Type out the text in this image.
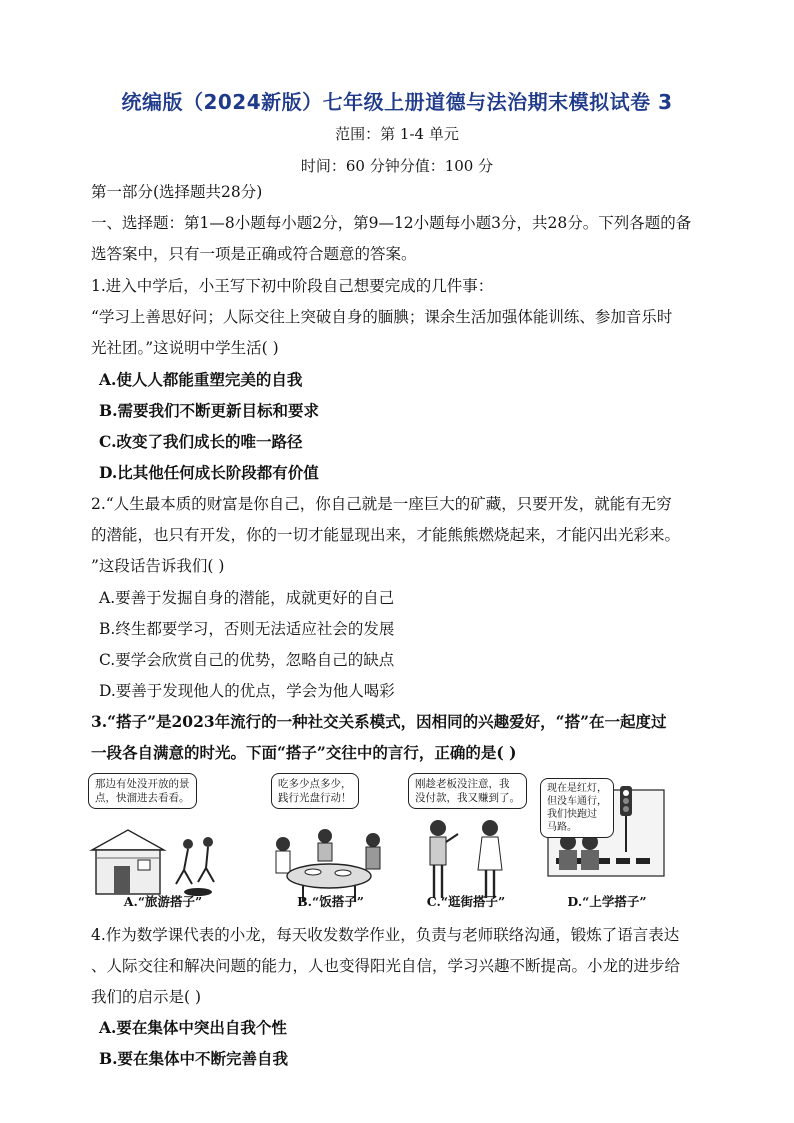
统编版（2024新版）七年级上册道德与法治期末模拟试卷 3
范围：第 1-4 单元
时间：60 分钟分值：100 分
第一部分(选择题共28分)
一、选择题：第1—8小题每小题2分，第9—12小题每小题3分，共28分。下列各题的备
选答案中，只有一项是正确或符合题意的答案。
1.进入中学后，小王写下初中阶段自己想要完成的几件事：
“学习上善思好问；人际交往上突破自身的腼腆；课余生活加强体能训练、参加音乐时
光社团。”这说明中学生活( )
A.使人人都能重塑完美的自我
B.需要我们不断更新目标和要求
C.改变了我们成长的唯一路径
D.比其他任何成长阶段都有价值
2.“人生最本质的财富是你自己，你自己就是一座巨大的矿藏，只要开发，就能有无穷
的潜能，也只有开发，你的一切才能显现出来，才能熊熊燃烧起来，才能闪出光彩来。
”这段话告诉我们( )
A.要善于发掘自身的潜能，成就更好的自己
B.终生都要学习，否则无法适应社会的发展
C.要学会欣赏自己的优势，忽略自己的缺点
D.要善于发现他人的优点，学会为他人喝彩
3.“搭子”是2023年流行的一种社交关系模式，因相同的兴趣爱好，“搭”在一起度过
一段各自满意的时光。下面“搭子”交往中的言行，正确的是( )
那边有处没开放的景
点，快溜进去看看。
A.“旅游搭子”
吃多少点多少，
践行光盘行动！
B.“饭搭子”
刚趁老板没注意，我
没付款，我又赚到了。
C.“逛街搭子”
现在是红灯，
但没车通行，
我们快跑过
马路。
D.“上学搭子”
4.作为数学课代表的小龙，每天收发数学作业，负责与老师联络沟通，锻炼了语言表达
、人际交往和解决问题的能力，人也变得阳光自信，学习兴趣不断提高。小龙的进步给
我们的启示是( )
A.要在集体中突出自我个性
B.要在集体中不断完善自我
